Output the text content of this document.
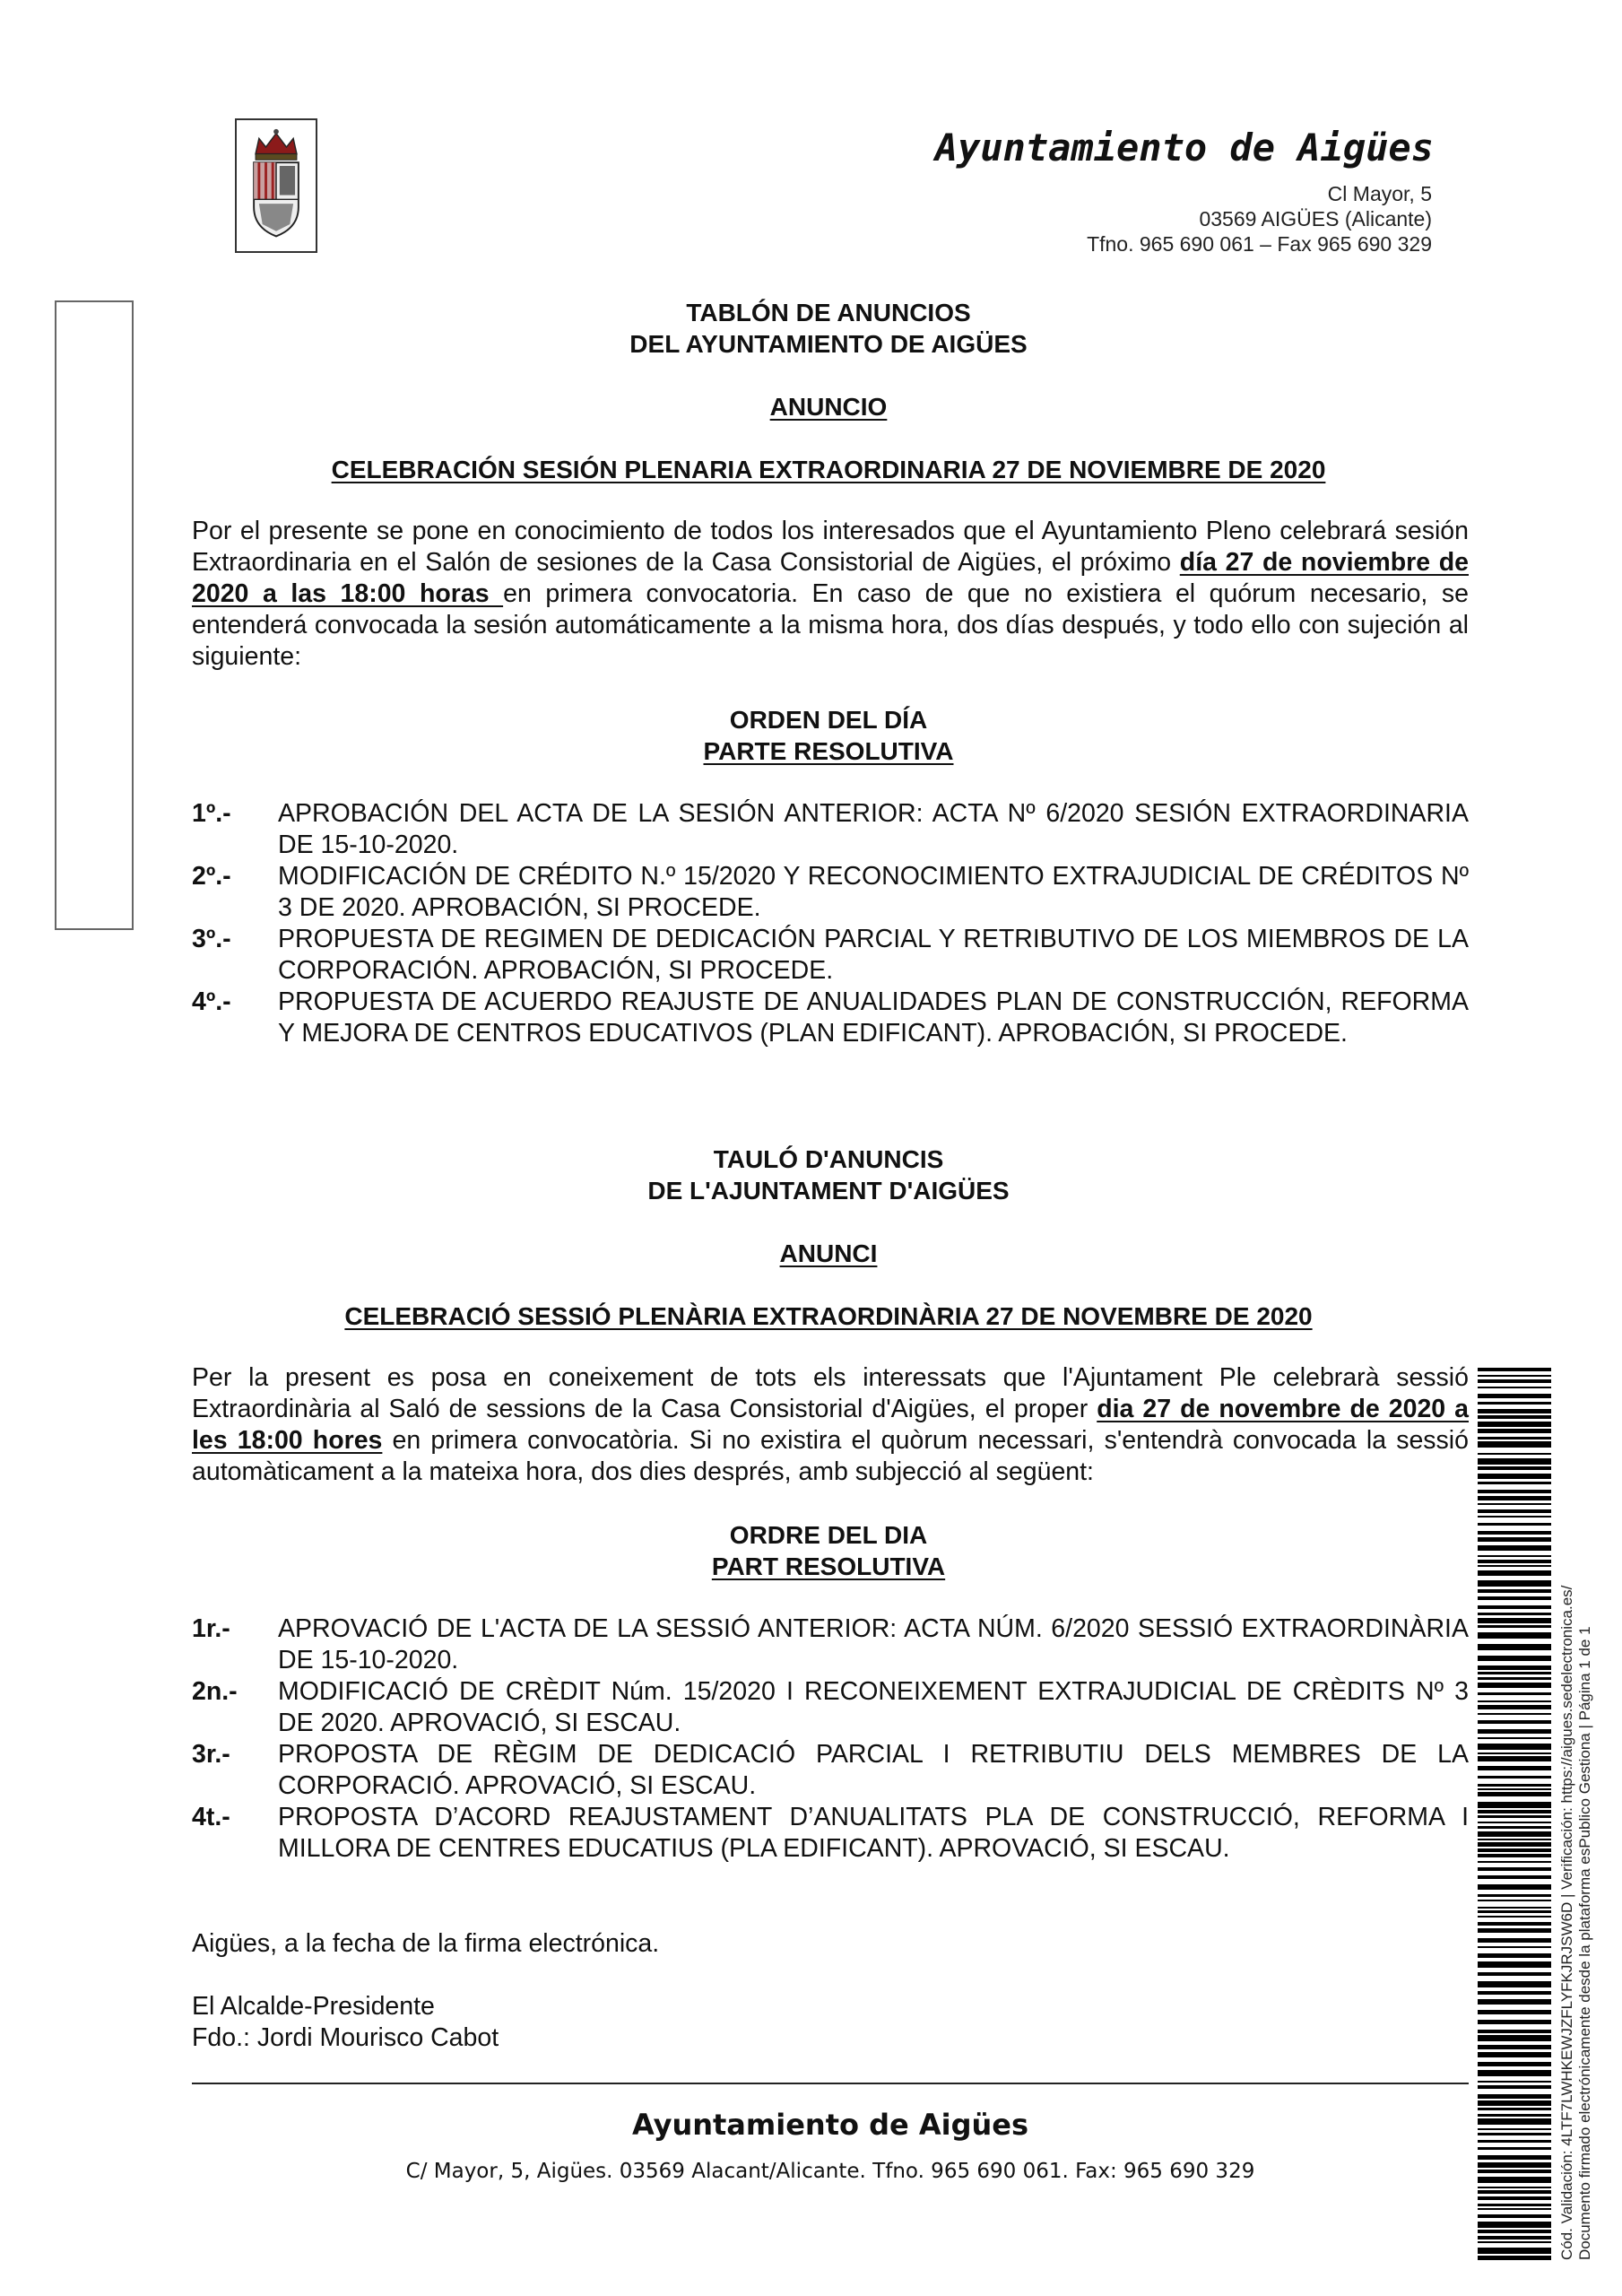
Ayuntamiento de Aigües
Cl Mayor, 5
03569 AIGÜES (Alicante)
Tfno. 965 690 061 – Fax 965 690 329
TABLÓN DE ANUNCIOS
DEL AYUNTAMIENTO DE AIGÜES
ANUNCIO
CELEBRACIÓN SESIÓN PLENARIA EXTRAORDINARIA 27 DE NOVIEMBRE DE 2020
Por el presente se pone en conocimiento de todos los interesados que el Ayuntamiento Pleno celebrará sesión Extraordinaria en el Salón de sesiones de la Casa Consistorial de Aigües, el próximo día 27 de noviembre de 2020 a las 18:00 horas en primera convocatoria. En caso de que no existiera el quórum necesario, se entenderá convocada la sesión automáticamente a la misma hora, dos días después, y todo ello con sujeción al siguiente:
ORDEN DEL DÍA
PARTE RESOLUTIVA
1º.- APROBACIÓN DEL ACTA DE LA SESIÓN ANTERIOR: ACTA Nº 6/2020 SESIÓN EXTRAORDINARIA DE 15-10-2020.
2º.- MODIFICACIÓN DE CRÉDITO N.º 15/2020 Y RECONOCIMIENTO EXTRAJUDICIAL DE CRÉDITOS Nº 3 DE 2020. APROBACIÓN, SI PROCEDE.
3º.- PROPUESTA DE REGIMEN DE DEDICACIÓN PARCIAL Y RETRIBUTIVO DE LOS MIEMBROS DE LA CORPORACIÓN. APROBACIÓN, SI PROCEDE.
4º.- PROPUESTA DE ACUERDO REAJUSTE DE ANUALIDADES PLAN DE CONSTRUCCIÓN, REFORMA Y MEJORA DE CENTROS EDUCATIVOS (PLAN EDIFICANT). APROBACIÓN, SI PROCEDE.
TAULÓ D'ANUNCIS
DE L'AJUNTAMENT D'AIGÜES
ANUNCI
CELEBRACIÓ SESSIÓ PLENÀRIA EXTRAORDINÀRIA 27 DE NOVEMBRE DE 2020
Per la present es posa en coneixement de tots els interessats que l'Ajuntament Ple celebrarà sessió Extraordinària al Saló de sessions de la Casa Consistorial d'Aigües, el proper dia 27 de novembre de 2020 a les 18:00 hores en primera convocatòria. Si no existira el quòrum necessari, s'entendrà convocada la sessió automàticament a la mateixa hora, dos dies després, amb subjecció al següent:
ORDRE DEL DIA
PART RESOLUTIVA
1r.- APROVACIÓ DE L'ACTA DE LA SESSIÓ ANTERIOR: ACTA NÚM. 6/2020 SESSIÓ EXTRAORDINÀRIA DE 15-10-2020.
2n.- MODIFICACIÓ DE CRÈDIT Núm. 15/2020 I RECONEIXEMENT EXTRAJUDICIAL DE CRÈDITS Nº 3 DE 2020. APROVACIÓ, SI ESCAU.
3r.- PROPOSTA DE RÈGIM DE DEDICACIÓ PARCIAL I RETRIBUTIU DELS MEMBRES DE LA CORPORACIÓ. APROVACIÓ, SI ESCAU.
4t.- PROPOSTA D’ACORD REAJUSTAMENT D’ANUALITATS PLA DE CONSTRUCCIÓ, REFORMA I MILLORA DE CENTRES EDUCATIUS (PLA EDIFICANT). APROVACIÓ, SI ESCAU.
Aigües, a la fecha de la firma electrónica.
El Alcalde-Presidente
Fdo.: Jordi Mourisco Cabot
Ayuntamiento de Aigües
C/ Mayor, 5, Aigües. 03569 Alacant/Alicante. Tfno. 965 690 061. Fax: 965 690 329	Cód. Validación: 4LTF7LWHKEWJZFLYFKJRJSW6D | Verificación: https://aigues.sedelectronica.es/ Documento firmado electrónicamente desde la plataforma esPublico Gestiona | Página 1 de 1
